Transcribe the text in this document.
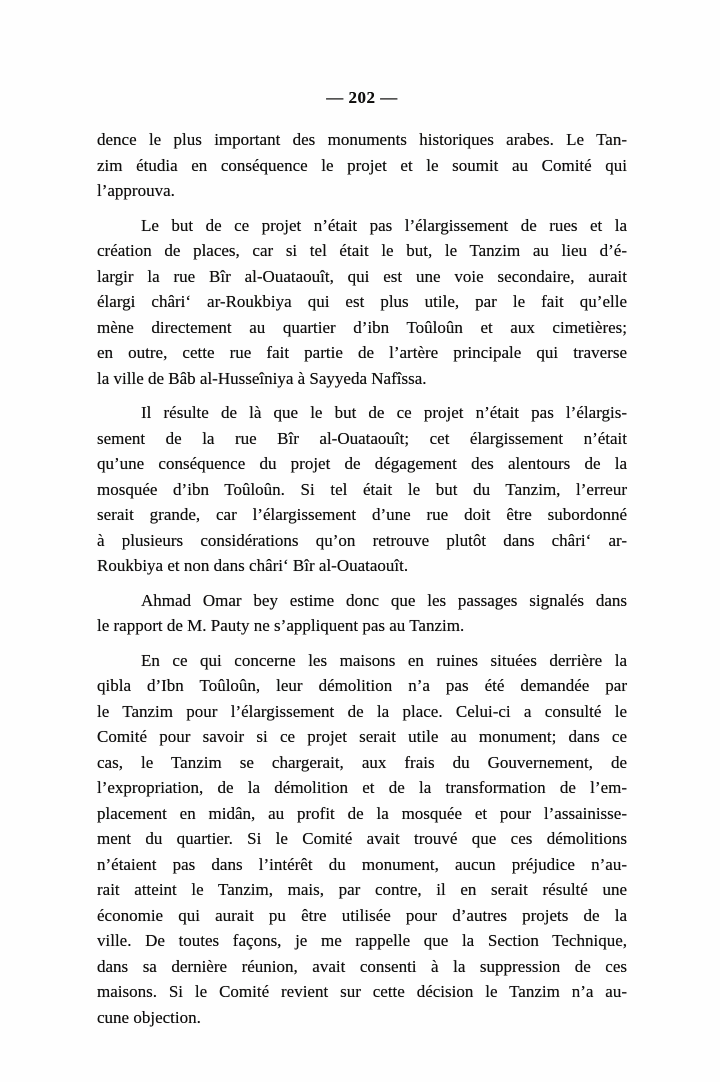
— 202 —
dence le plus important des monuments historiques arabes. Le Tan-
zim étudia en conséquence le projet et le soumit au Comité qui
l’approuva.
Le but de ce projet n’était pas l’élargissement de rues et la
création de places, car si tel était le but, le Tanzim au lieu d’é-
largir la rue Bîr al-Ouataouît, qui est une voie secondaire, aurait
élargi châri‘ ar-Roukbiya qui est plus utile, par le fait qu’elle
mène directement au quartier d’ibn Toûloûn et aux cimetières;
en outre, cette rue fait partie de l’artère principale qui traverse
la ville de Bâb al-Husseîniya à Sayyeda Nafîssa.
Il résulte de là que le but de ce projet n’était pas l’élargis-
sement de la rue Bîr al-Ouataouît; cet élargissement n’était
qu’une conséquence du projet de dégagement des alentours de la
mosquée d’ibn Toûloûn. Si tel était le but du Tanzim, l’erreur
serait grande, car l’élargissement d’une rue doit être subordonné
à plusieurs considérations qu’on retrouve plutôt dans châri‘ ar-
Roukbiya et non dans châri‘ Bîr al-Ouataouît.
Ahmad Omar bey estime donc que les passages signalés dans
le rapport de M. Pauty ne s’appliquent pas au Tanzim.
En ce qui concerne les maisons en ruines situées derrière la
qibla d’Ibn Toûloûn, leur démolition n’a pas été demandée par
le Tanzim pour l’élargissement de la place. Celui-ci a consulté le
Comité pour savoir si ce projet serait utile au monument; dans ce
cas, le Tanzim se chargerait, aux frais du Gouvernement, de
l’expropriation, de la démolition et de la transformation de l’em-
placement en midân, au profit de la mosquée et pour l’assainisse-
ment du quartier. Si le Comité avait trouvé que ces démolitions
n’étaient pas dans l’intérêt du monument, aucun préjudice n’au-
rait atteint le Tanzim, mais, par contre, il en serait résulté une
économie qui aurait pu être utilisée pour d’autres projets de la
ville. De toutes façons, je me rappelle que la Section Technique,
dans sa dernière réunion, avait consenti à la suppression de ces
maisons. Si le Comité revient sur cette décision le Tanzim n’a au-
cune objection.
